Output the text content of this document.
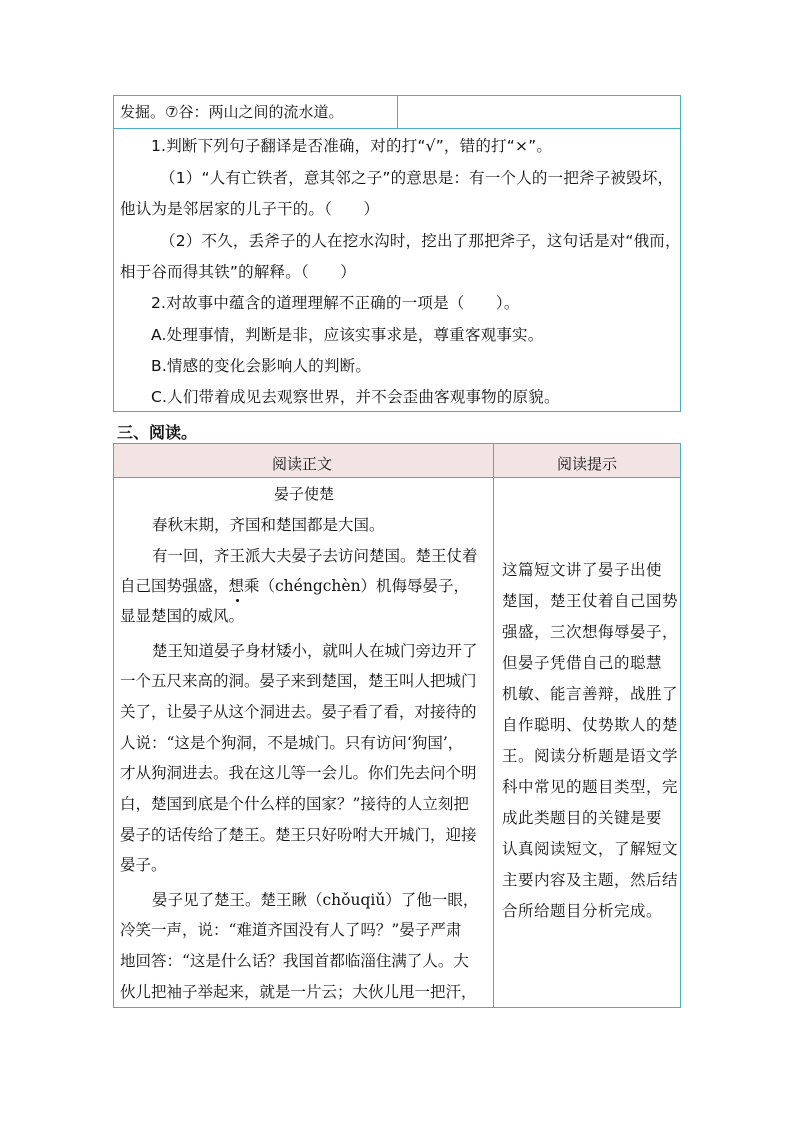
发掘。⑦谷：两山之间的流水道。
1.判断下列句子翻译是否准确，对的打“√”，错的打“×”。
（1）“人有亡铁者，意其邻之子”的意思是：有一个人的一把斧子被毁坏，
他认为是邻居家的儿子干的。（　　）
（2）不久，丢斧子的人在挖水沟时，挖出了那把斧子，这句话是对“俄而，
相于谷而得其铁”的解释。（　　）
2.对故事中蕴含的道理理解不正确的一项是（　　）。
A.处理事情，判断是非，应该实事求是，尊重客观事实。
B.情感的变化会影响人的判断。
C.人们带着成见去观察世界，并不会歪曲客观事物的原貌。
三、阅读。
阅读正文	阅读提示
晏子使楚
春秋末期，齐国和楚国都是大国。
有一回，齐王派大夫晏子去访问楚国。楚王仗着
自己国势强盛，想乘（chéngchèn）机侮辱晏子，
显显楚国的威风。
楚王知道晏子身材矮小，就叫人在城门旁边开了
一个五尺来高的洞。晏子来到楚国，楚王叫人把城门
关了，让晏子从这个洞进去。晏子看了看，对接待的
人说：“这是个狗洞，不是城门。只有访问‘狗国’，
才从狗洞进去。我在这儿等一会儿。你们先去问个明
白，楚国到底是个什么样的国家？”接待的人立刻把
晏子的话传给了楚王。楚王只好吩咐大开城门，迎接
晏子。
晏子见了楚王。楚王瞅（chǒuqiǔ）了他一眼，
冷笑一声，说：“难道齐国没有人了吗？”晏子严肃
地回答：“这是什么话？我国首都临淄住满了人。大
伙儿把袖子举起来，就是一片云；大伙儿甩一把汗，
这篇短文讲了晏子出使
楚国，楚王仗着自己国势
强盛，三次想侮辱晏子，
但晏子凭借自己的聪慧
机敏、能言善辩，战胜了
自作聪明、仗势欺人的楚
王。阅读分析题是语文学
科中常见的题目类型，完
成此类题目的关键是要
认真阅读短文，了解短文
主要内容及主题，然后结
合所给题目分析完成。
